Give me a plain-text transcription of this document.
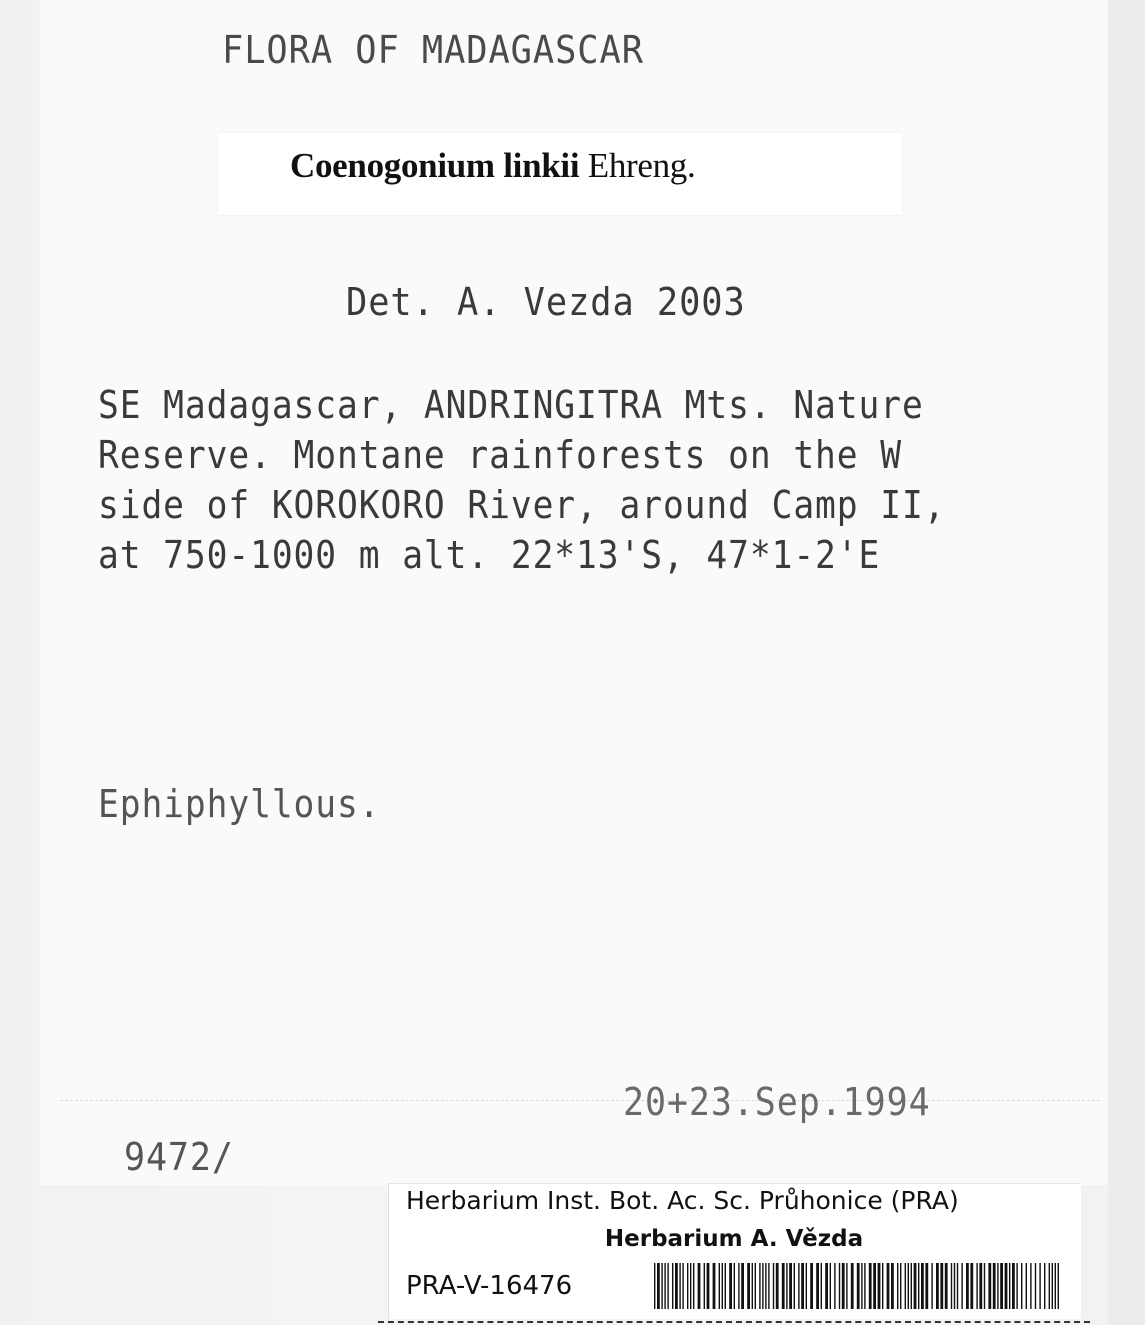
FLORA OF MADAGASCAR
Coenogonium linkii Ehreng.
Det. A. Vezda 2003
SE Madagascar, ANDRINGITRA Mts. Nature
Reserve. Montane rainforests on the W
side of KOROKORO River, around Camp II,
at 750-1000 m alt. 22*13'S, 47*1-2'E
Ephiphyllous.
20+23.Sep.1994
9472/
Herbarium Inst. Bot. Ac. Sc. Průhonice (PRA)
Herbarium A. Vězda
PRA-V-16476
